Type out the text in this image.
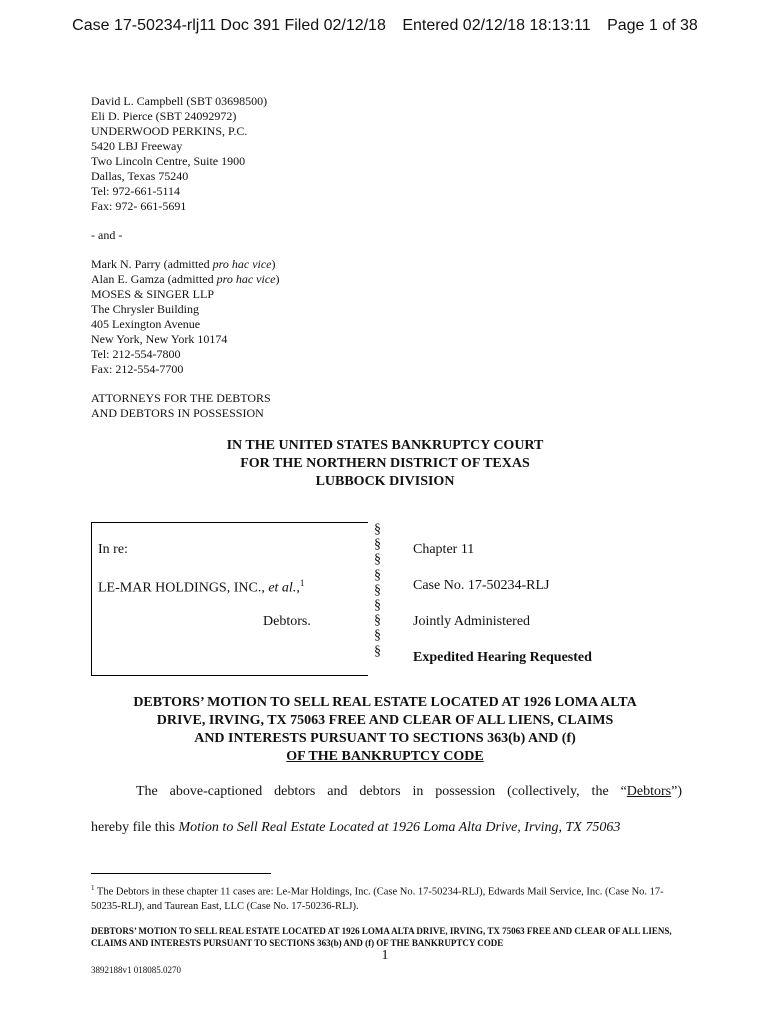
Case 17-50234-rlj11 Doc 391 Filed 02/12/18 Entered 02/12/18 18:13:11 Page 1 of 38
David L. Campbell (SBT 03698500)
Eli D. Pierce (SBT 24092972)
UNDERWOOD PERKINS, P.C.
5420 LBJ Freeway
Two Lincoln Centre, Suite 1900
Dallas, Texas 75240
Tel: 972-661-5114
Fax: 972- 661-5691
- and -
Mark N. Parry (admitted pro hac vice)
Alan E. Gamza (admitted pro hac vice)
MOSES & SINGER LLP
The Chrysler Building
405 Lexington Avenue
New York, New York 10174
Tel: 212-554-7800
Fax: 212-554-7700
ATTORNEYS FOR THE DEBTORS
AND DEBTORS IN POSSESSION
IN THE UNITED STATES BANKRUPTCY COURT
FOR THE NORTHERN DISTRICT OF TEXAS
LUBBOCK DIVISION
In re:
LE-MAR HOLDINGS, INC., et al.,$^1$
Debtors.
§
§
§
§
§
§
§
§
§
Chapter 11
Case No. 17-50234-RLJ
Jointly Administered
Expedited Hearing Requested
DEBTORS’ MOTION TO SELL REAL ESTATE LOCATED AT 1926 LOMA ALTA
DRIVE, IRVING, TX 75063 FREE AND CLEAR OF ALL LIENS, CLAIMS
AND INTERESTS PURSUANT TO SECTIONS 363(b) AND (f)
OF THE BANKRUPTCY CODE
The above-captioned debtors and debtors in possession (collectively, the “Debtors”)
hereby file this Motion to Sell Real Estate Located at 1926 Loma Alta Drive, Irving, TX 75063
$^1$ The Debtors in these chapter 11 cases are: Le-Mar Holdings, Inc. (Case No. 17-50234-RLJ), Edwards Mail Service, Inc. (Case No. 17-50235-RLJ), and Taurean East, LLC (Case No. 17-50236-RLJ).
DEBTORS’ MOTION TO SELL REAL ESTATE LOCATED AT 1926 LOMA ALTA DRIVE, IRVING, TX 75063 FREE AND CLEAR OF ALL LIENS, CLAIMS AND INTERESTS PURSUANT TO SECTIONS 363(b) AND (f) OF THE BANKRUPTCY CODE
1
3892188v1 018085.0270
